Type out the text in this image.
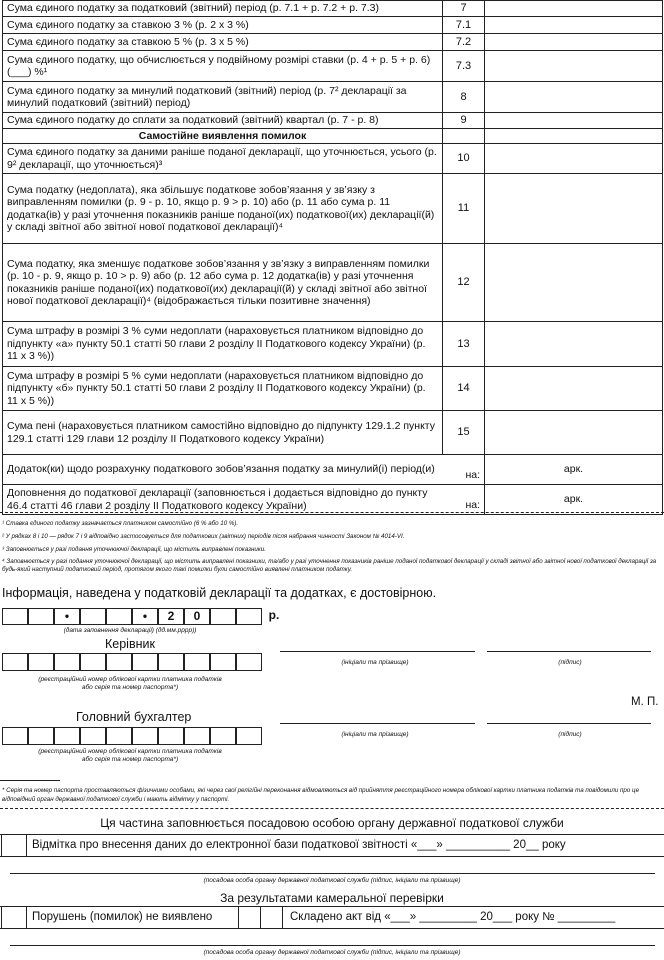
Сума єдиного податку за податковий (звітний) період (р. 7.1 + р. 7.2 + р. 7.3)	7	
Сума єдиного податку за ставкою 3 % (р. 2 х 3 %)	7.1	
Сума єдиного податку за ставкою 5 % (р. 3 х 5 %)	7.2	
Сума єдиного податку, що обчислюється у подвійному розмірі ставки (р. 4 + р. 5 + р. 6) (___) %¹	7.3	
Сума єдиного податку за минулий податковий (звітний) період (р. 7² декларації за минулий податковий (звітний) період)	8	
Сума єдиного податку до сплати за податковий (звітний) квартал (р. 7 - р. 8)	9	
Самостійне виявлення помилок		
Сума єдиного податку за даними раніше поданої декларації, що уточнюється, усього (р. 9² декларації, що уточнюється)³	10	
Сума податку (недоплата), яка збільшує податкове зобов’язання у зв’язку з виправленням помилки (р. 9 - р. 10, якщо р. 9 > р. 10) або (р. 11 або сума р. 11 додатка(ів) у разі уточнення показників раніше поданої(их) податкової(их) декларації(й) у складі звітної або звітної нової податкової декларації)⁴	11	
Сума податку, яка зменшує податкове зобов’язання у зв’язку з виправленням помилки (р. 10 - р. 9, якщо р. 10 > р. 9) або (р. 12 або сума р. 12 додатка(ів) у разі уточнення показників раніше поданої(их) податкової(их) декларації(й) у складі звітної або звітної нової податкової декларації)⁴ (відображається тільки позитивне значення)	12	
Сума штрафу в розмірі 3 % суми недоплати (нараховується платником відповідно до підпункту «а» пункту 50.1 статті 50 глави 2 розділу ІІ Податкового кодексу України) (р. 11 х 3 %))	13	
Сума штрафу в розмірі 5 % суми недоплати (нараховується платником відповідно до підпункту «б» пункту 50.1 статті 50 глави 2 розділу ІІ Податкового кодексу України) (р. 11 х 5 %))	14	
Сума пені (нараховується платником самостійно відповідно до підпункту 129.1.2 пункту 129.1 статті 129 глави 12 розділу ІІ Податкового кодексу України)	15	
Додаток(ки) щодо розрахунку податкового зобов’язання податку за минулий(і) період(и) на:		арк.
Доповнення до податкової декларації (заповнюється і додається відповідно до пункту 46.4 статті 46 глави 2 розділу ІІ Податкового кодексу України) на:		арк.
¹ Ставка єдиного податку зазначається платником самостійно (6 % або 10 %).
² У рядках 8 і 10 — рядок 7 і 9 відповідно застосовується для податкових (звітних) періодів після набрання чинності Законом № 4014-VI.
³ Заповнюється у разі подання уточнюючої декларації, що містить виправлені показники.
⁴ Заповнюється у разі подання уточнюючої декларації, що містить виправлені показники, та/або у разі уточнення показників раніше поданої податкової декларації у складі звітної або звітної нової податкової декларації за будь-який наступний податковий період, протягом якого такі помилки були самостійно виявлені платником податку.
Інформація, наведена у податковій декларації та додатках, є достовірною.
•	•	2	0	р.
(дата заповнення декларації) (дд.мм.рррр))
Керівник
(реєстраційний номер облікової картки платника податків
або серія та номер паспорта*)
(ініціали та прізвище)	(підпис)
М. П.
Головний бухгалтер
(реєстраційний номер облікової картки платника податків
або серія та номер паспорта*)
(ініціали та прізвище)	(підпис)
* Серія та номер паспорта проставляються фізичними особами, які через свої релігійні переконання відмовляються від прийняття реєстраційного номера облікової картки платника податків та повідомили про це відповідний орган державної податкової служби і мають відмітку у паспорті.
Ця частина заповнюється посадовою особою органу державної податкової служби
Відмітка про внесення даних до електронної бази податкової звітності «___» __________ 20__ року
(посадова особа органу державної податкової служби (підпис, ініціали та прізвище)
За результатами камеральної перевірки
Порушень (помилок) не виявлено	Складено акт від «___» _________ 20___ року № _________
(посадова особа органу державної податкової служби (підпис, ініціали та прізвище)
